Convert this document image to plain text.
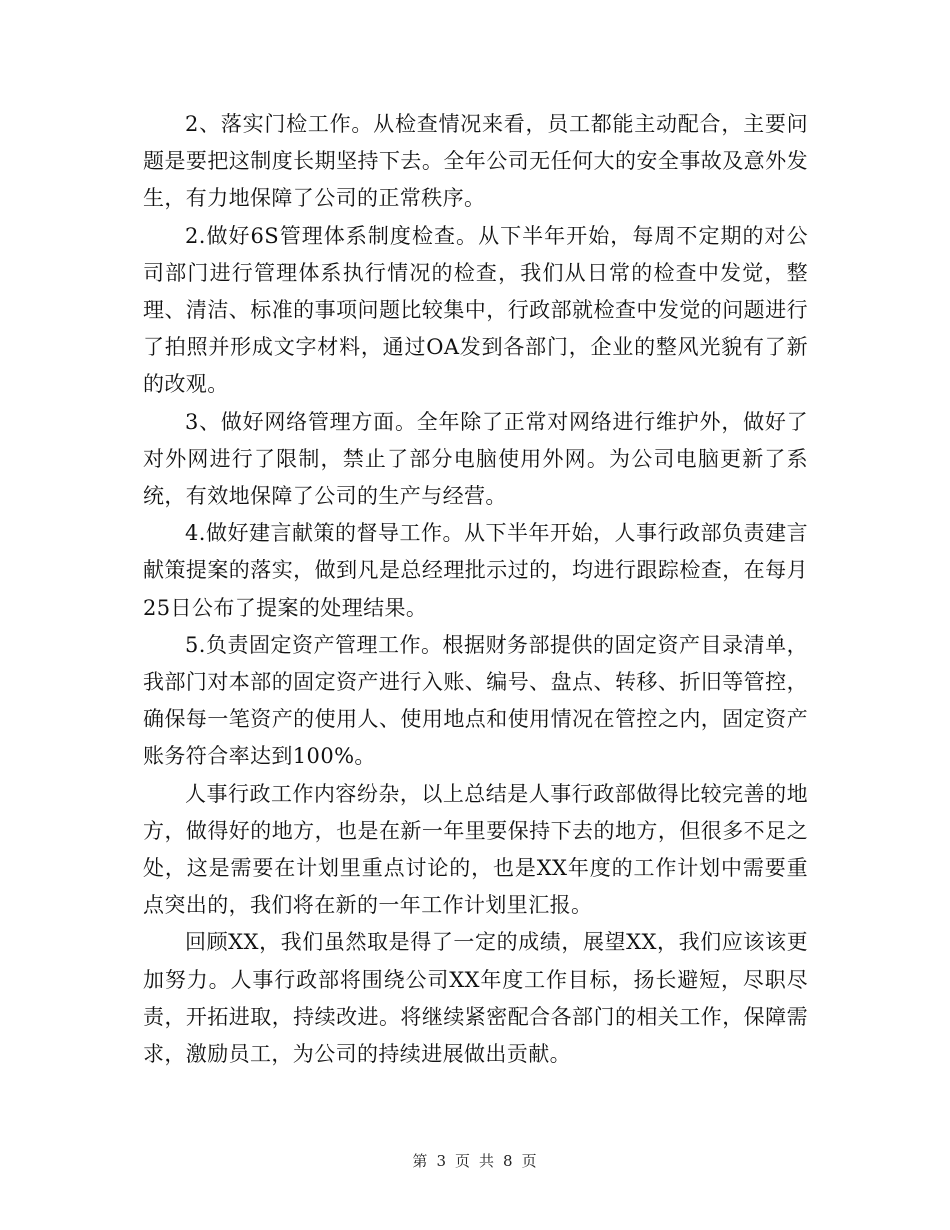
2、落实门检工作。从检查情况来看，员工都能主动配合，主要问题是要把这制度长期坚持下去。全年公司无任何大的安全事故及意外发生，有力地保障了公司的正常秩序。

2.做好6S管理体系制度检查。从下半年开始，每周不定期的对公司部门进行管理体系执行情况的检查，我们从日常的检查中发觉，整理、清洁、标准的事项问题比较集中，行政部就检查中发觉的问题进行了拍照并形成文字材料，通过OA发到各部门，企业的整风光貌有了新的改观。

3、做好网络管理方面。全年除了正常对网络进行维护外，做好了对外网进行了限制，禁止了部分电脑使用外网。为公司电脑更新了系统，有效地保障了公司的生产与经营。

4.做好建言献策的督导工作。从下半年开始，人事行政部负责建言献策提案的落实，做到凡是总经理批示过的，均进行跟踪检查，在每月25日公布了提案的处理结果。

5.负责固定资产管理工作。根据财务部提供的固定资产目录清单，我部门对本部的固定资产进行入账、编号、盘点、转移、折旧等管控，确保每一笔资产的使用人、使用地点和使用情况在管控之内，固定资产账务符合率达到100%。

人事行政工作内容纷杂，以上总结是人事行政部做得比较完善的地方，做得好的地方，也是在新一年里要保持下去的地方，但很多不足之处，这是需要在计划里重点讨论的，也是XX年度的工作计划中需要重点突出的，我们将在新的一年工作计划里汇报。

回顾XX，我们虽然取是得了一定的成绩，展望XX，我们应该该更加努力。人事行政部将围绕公司XX年度工作目标，扬长避短，尽职尽责，开拓进取，持续改进。将继续紧密配合各部门的相关工作，保障需求，激励员工，为公司的持续进展做出贡献。

第 3 页 共 8 页
